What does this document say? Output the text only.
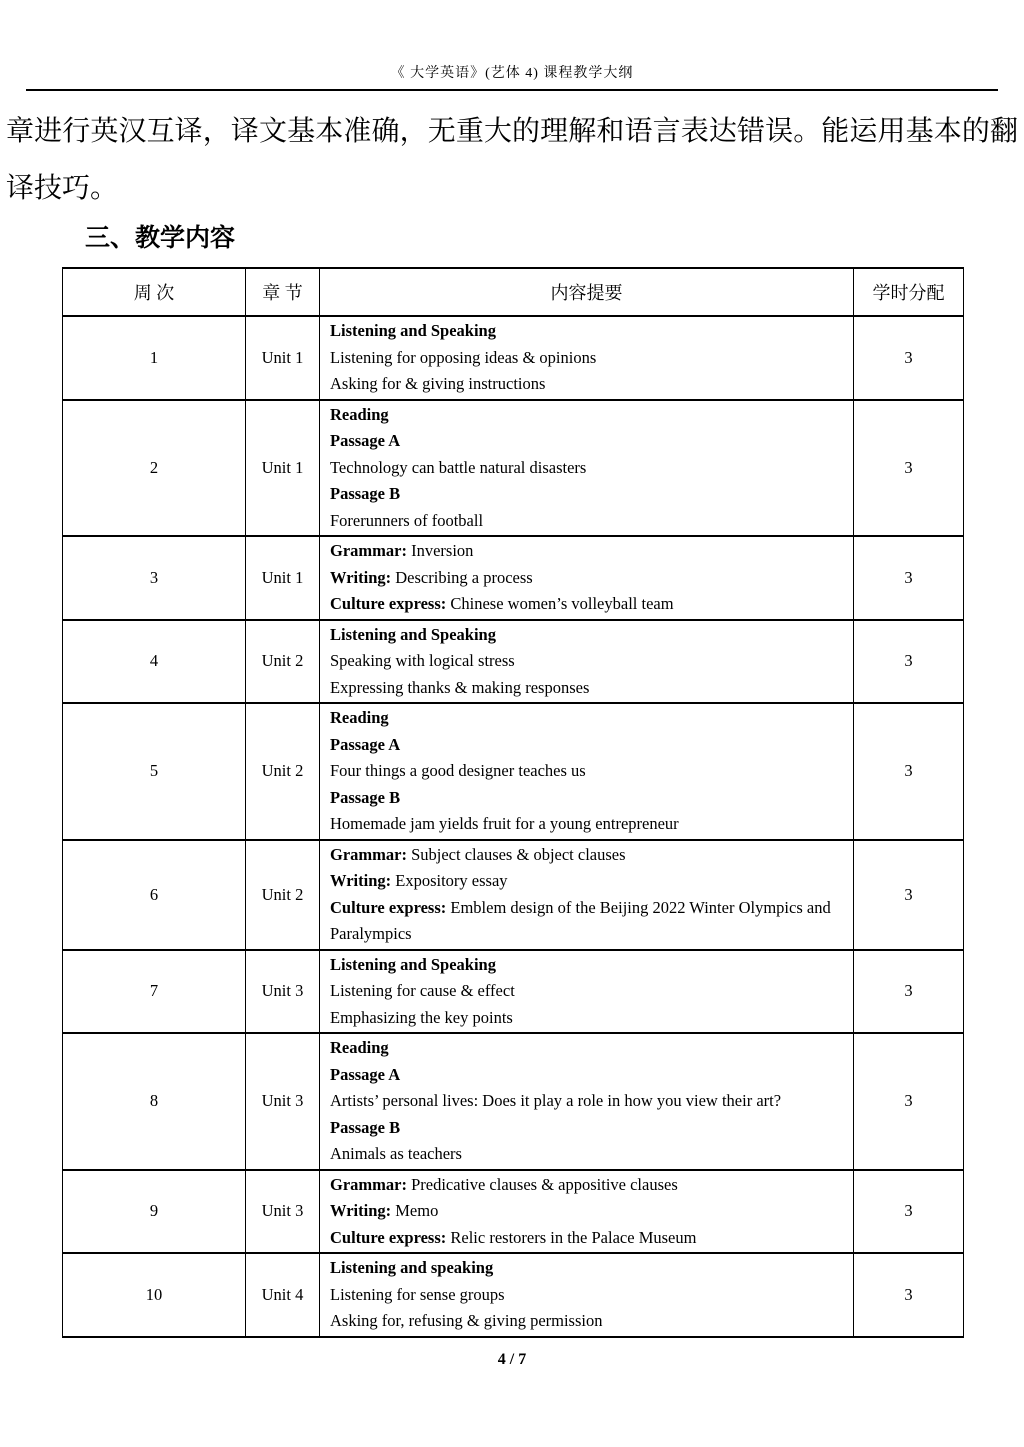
《 大学英语》(艺体 4) 课程教学大纲

章进行英汉互译，译文基本准确，无重大的理解和语言表达错误。能运用基本的翻译技巧。

三、教学内容
周 次	章 节	内容提要	学时分配
1	Unit 1	Listening and Speaking
Listening for opposing ideas & opinions
Asking for & giving instructions	3
2	Unit 1	Reading
Passage A
Technology can battle natural disasters
Passage B
Forerunners of football	3
3	Unit 1	Grammar: Inversion
Writing: Describing a process
Culture express: Chinese women’s volleyball team	3
4	Unit 2	Listening and Speaking
Speaking with logical stress
Expressing thanks & making responses	3
5	Unit 2	Reading
Passage A
Four things a good designer teaches us
Passage B
Homemade jam yields fruit for a young entrepreneur	3
6	Unit 2	Grammar: Subject clauses & object clauses
Writing: Expository essay
Culture express: Emblem design of the Beijing 2022 Winter Olympics and Paralympics	3
7	Unit 3	Listening and Speaking
Listening for cause & effect
Emphasizing the key points	3
8	Unit 3	Reading
Passage A
Artists’ personal lives: Does it play a role in how you view their art?
Passage B
Animals as teachers	3
9	Unit 3	Grammar: Predicative clauses & appositive clauses
Writing: Memo
Culture express: Relic restorers in the Palace Museum	3
10	Unit 4	Listening and speaking
Listening for sense groups
Asking for, refusing & giving permission	3
4 / 7
